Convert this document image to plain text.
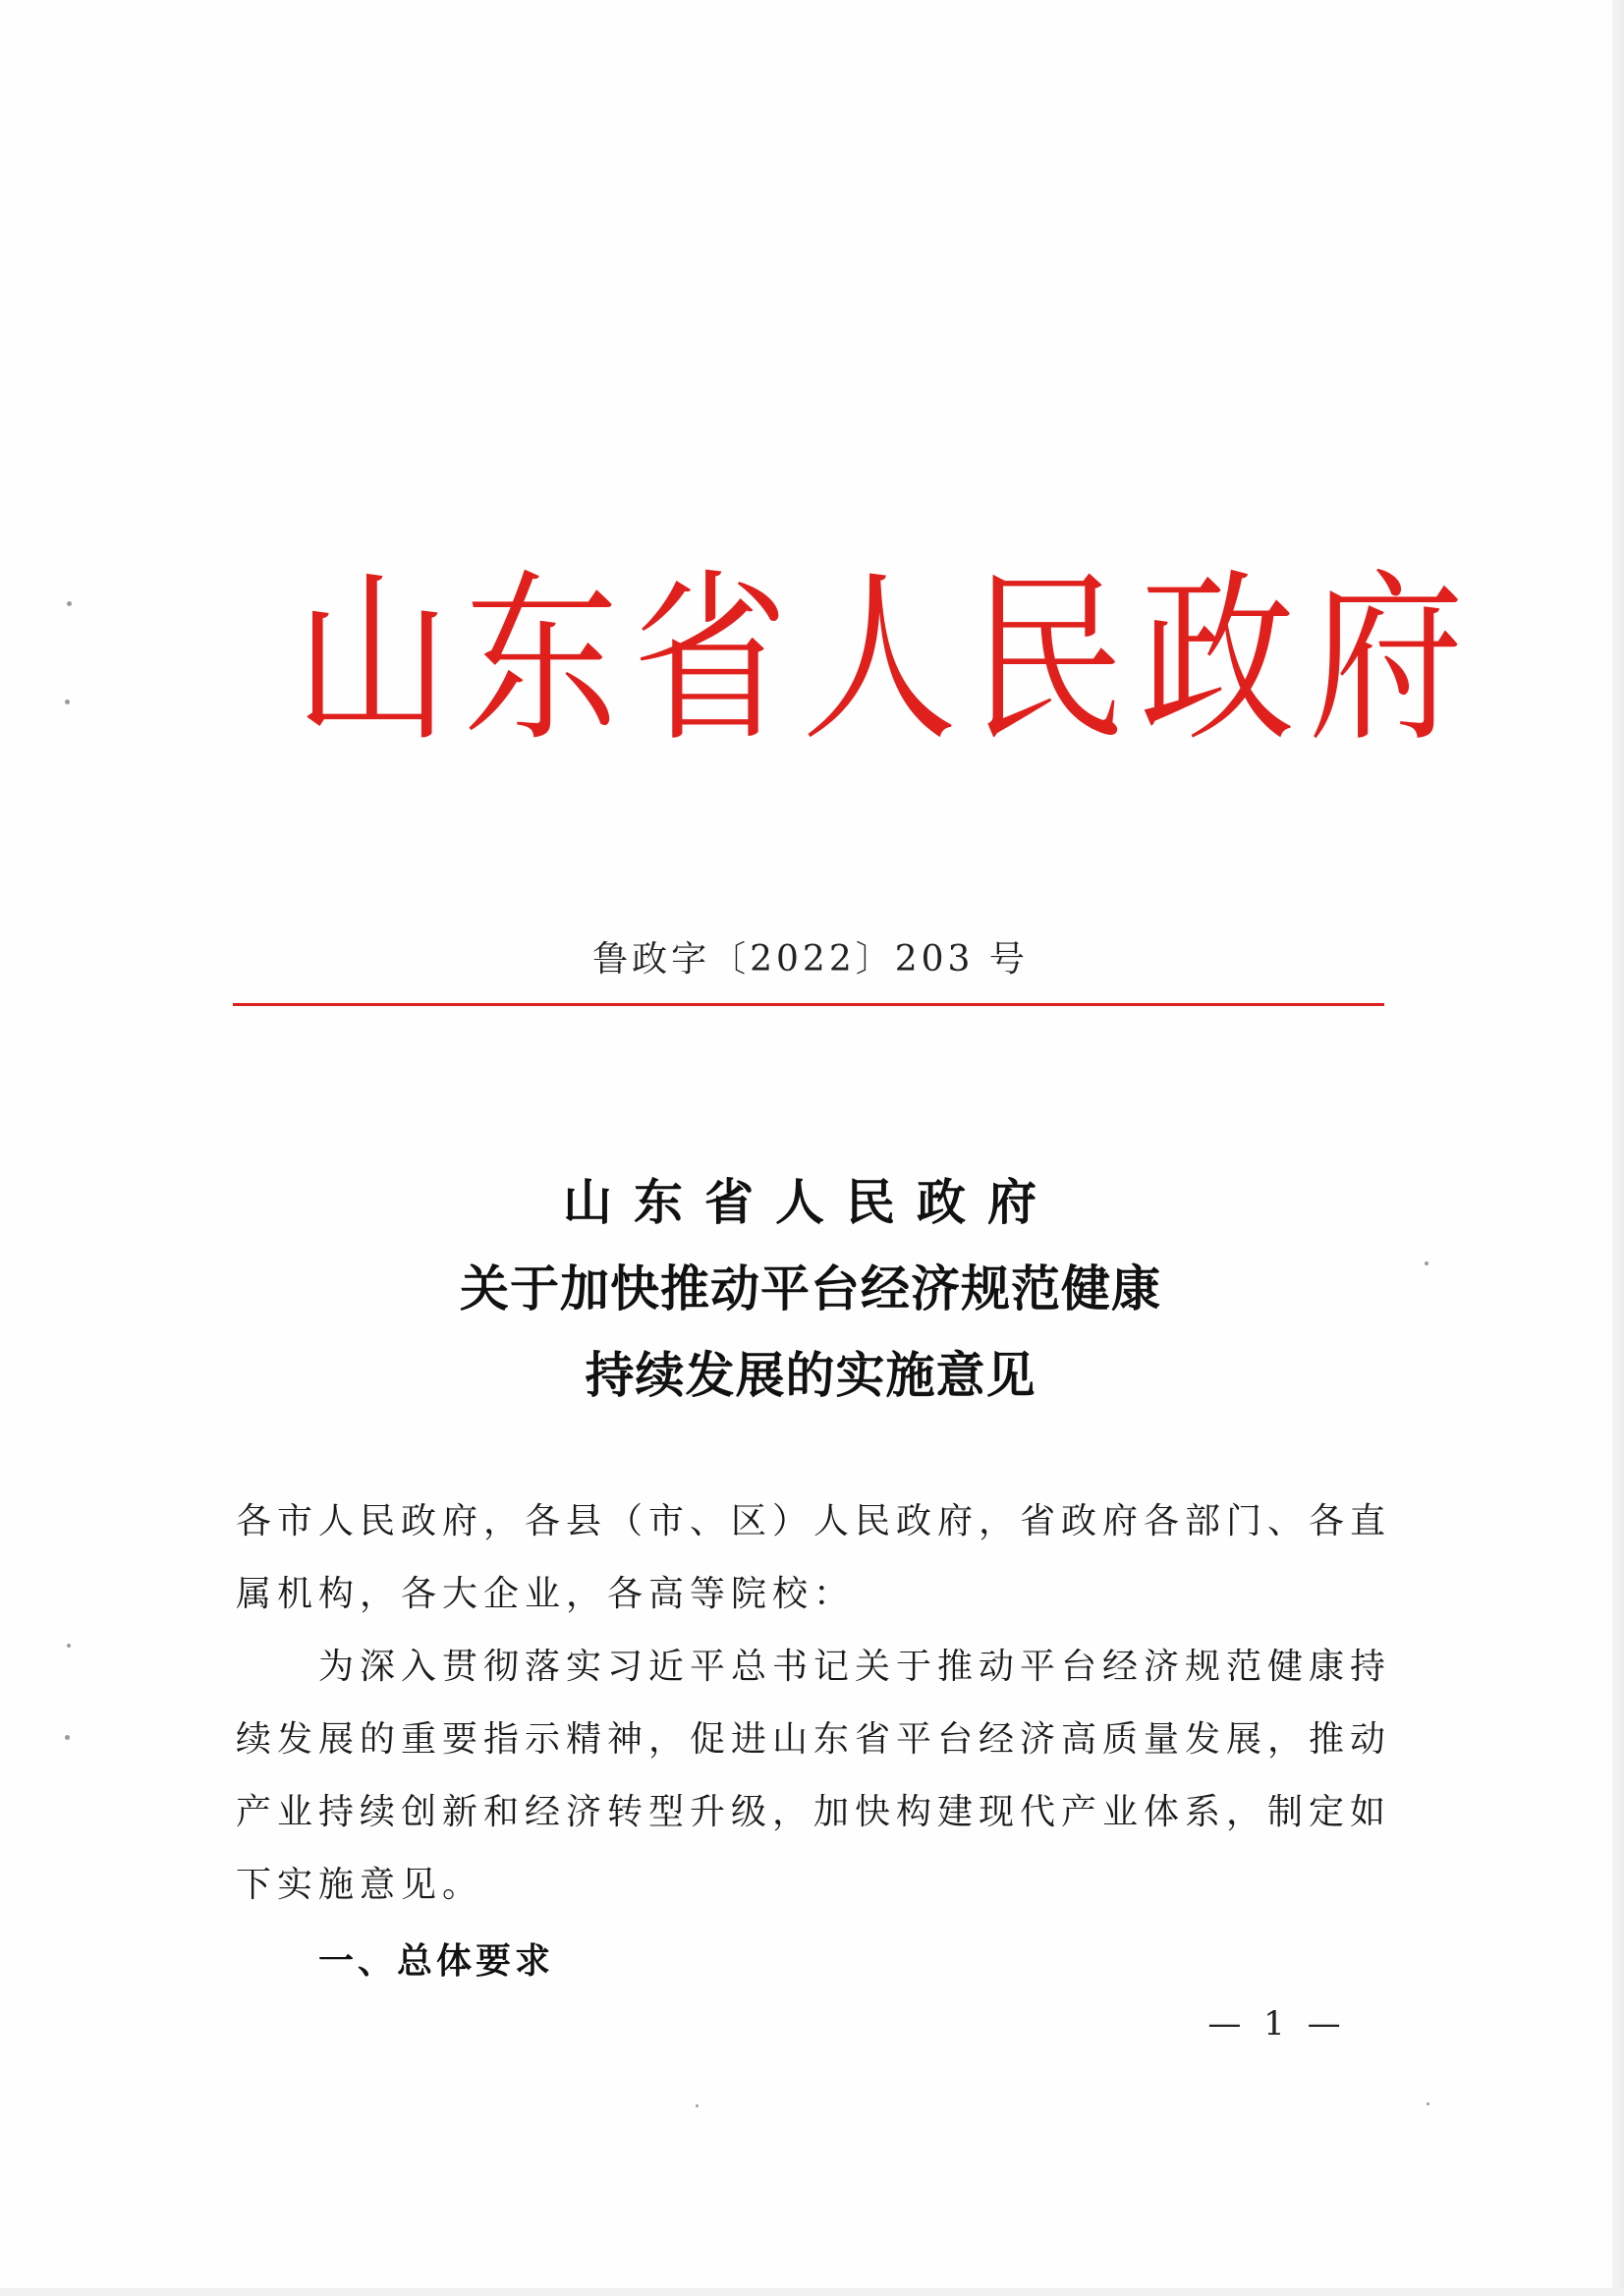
山东省人民政府
鲁政字〔2022〕203 号
山东省人民政府
关于加快推动平台经济规范健康
持续发展的实施意见
各市人民政府，各县（市、区）人民政府，省政府各部门、各直
属机构，各大企业，各高等院校：
为深入贯彻落实习近平总书记关于推动平台经济规范健康持
续发展的重要指示精神，促进山东省平台经济高质量发展，推动
产业持续创新和经济转型升级，加快构建现代产业体系，制定如
下实施意见。
一、总体要求
— 1 —
